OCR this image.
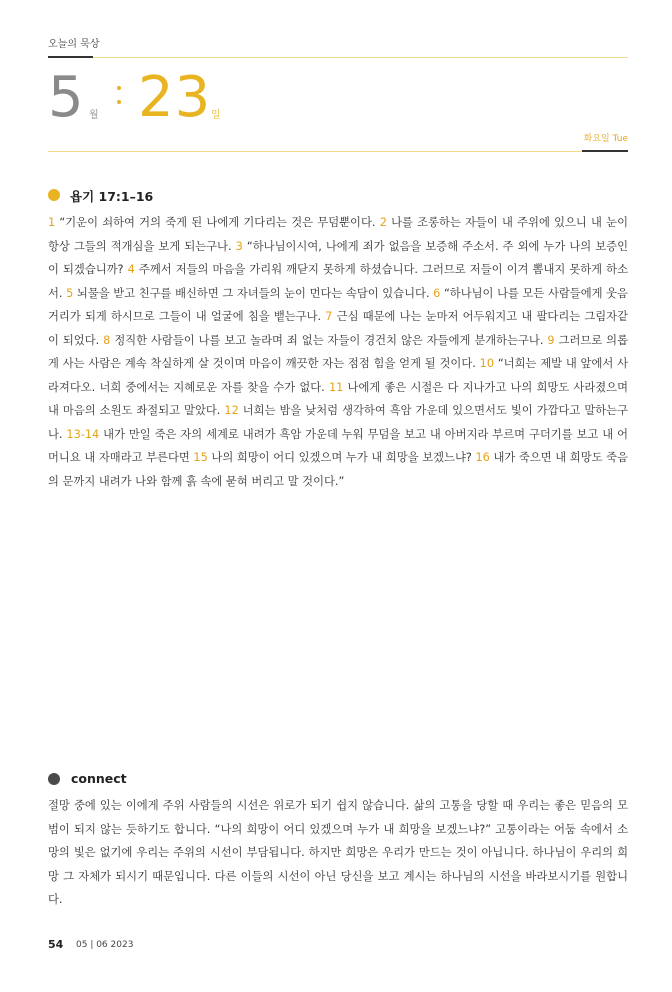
오늘의 묵상
5 월 23 일
화요일 Tue
욥기 17:1–16

1 “기운이 쇠하여 거의 죽게 된 나에게 기다리는 것은 무덤뿐이다. 2 나를 조롱하는 자들이 내 주위에 있으니 내 눈이 항상 그들의 적개심을 보게 되는구나. 3 “하나님이시여, 나에게 죄가 없음을 보증해 주소서. 주 외에 누가 나의 보증인이 되겠습니까? 4 주께서 저들의 마음을 가리워 깨닫지 못하게 하셨습니다. 그러므로 저들이 이겨 뽐내지 못하게 하소서. 5 뇌물을 받고 친구를 배신하면 그 자녀들의 눈이 먼다는 속담이 있습니다. 6 “하나님이 나를 모든 사람들에게 웃음거리가 되게 하시므로 그들이 내 얼굴에 침을 뱉는구나. 7 근심 때문에 나는 눈마저 어두워지고 내 팔다리는 그림자같이 되었다. 8 정직한 사람들이 나를 보고 놀라며 죄 없는 자들이 경건치 않은 자들에게 분개하는구나. 9 그러므로 의롭게 사는 사람은 계속 착실하게 살 것이며 마음이 깨끗한 자는 점점 힘을 얻게 될 것이다. 10 “너희는 제발 내 앞에서 사라져다오. 너희 중에서는 지혜로운 자를 찾을 수가 없다. 11 나에게 좋은 시절은 다 지나가고 나의 희망도 사라졌으며 내 마음의 소원도 좌절되고 말았다. 12 너희는 밤을 낮처럼 생각하여 흑암 가운데 있으면서도 빛이 가깝다고 말하는구나. 13-14 내가 만일 죽은 자의 세계로 내려가 흑암 가운데 누워 무덤을 보고 내 아버지라 부르며 구더기를 보고 내 어머니요 내 자매라고 부른다면 15 나의 희망이 어디 있겠으며 누가 내 희망을 보겠느냐? 16 내가 죽으면 내 희망도 죽음의 문까지 내려가 나와 함께 흙 속에 묻혀 버리고 말 것이다.”

connect

절망 중에 있는 이에게 주위 사람들의 시선은 위로가 되기 쉽지 않습니다. 삶의 고통을 당할 때 우리는 좋은 믿음의 모범이 되지 않는 듯하기도 합니다. “나의 희망이 어디 있겠으며 누가 내 희망을 보겠느냐?” 고통이라는 어둠 속에서 소망의 빛은 없기에 우리는 주위의 시선이 부담됩니다. 하지만 희망은 우리가 만드는 것이 아닙니다. 하나님이 우리의 희망 그 자체가 되시기 때문입니다. 다른 이들의 시선이 아닌 당신을 보고 계시는 하나님의 시선을 바라보시기를 원합니다.

54 05 | 06 2023
